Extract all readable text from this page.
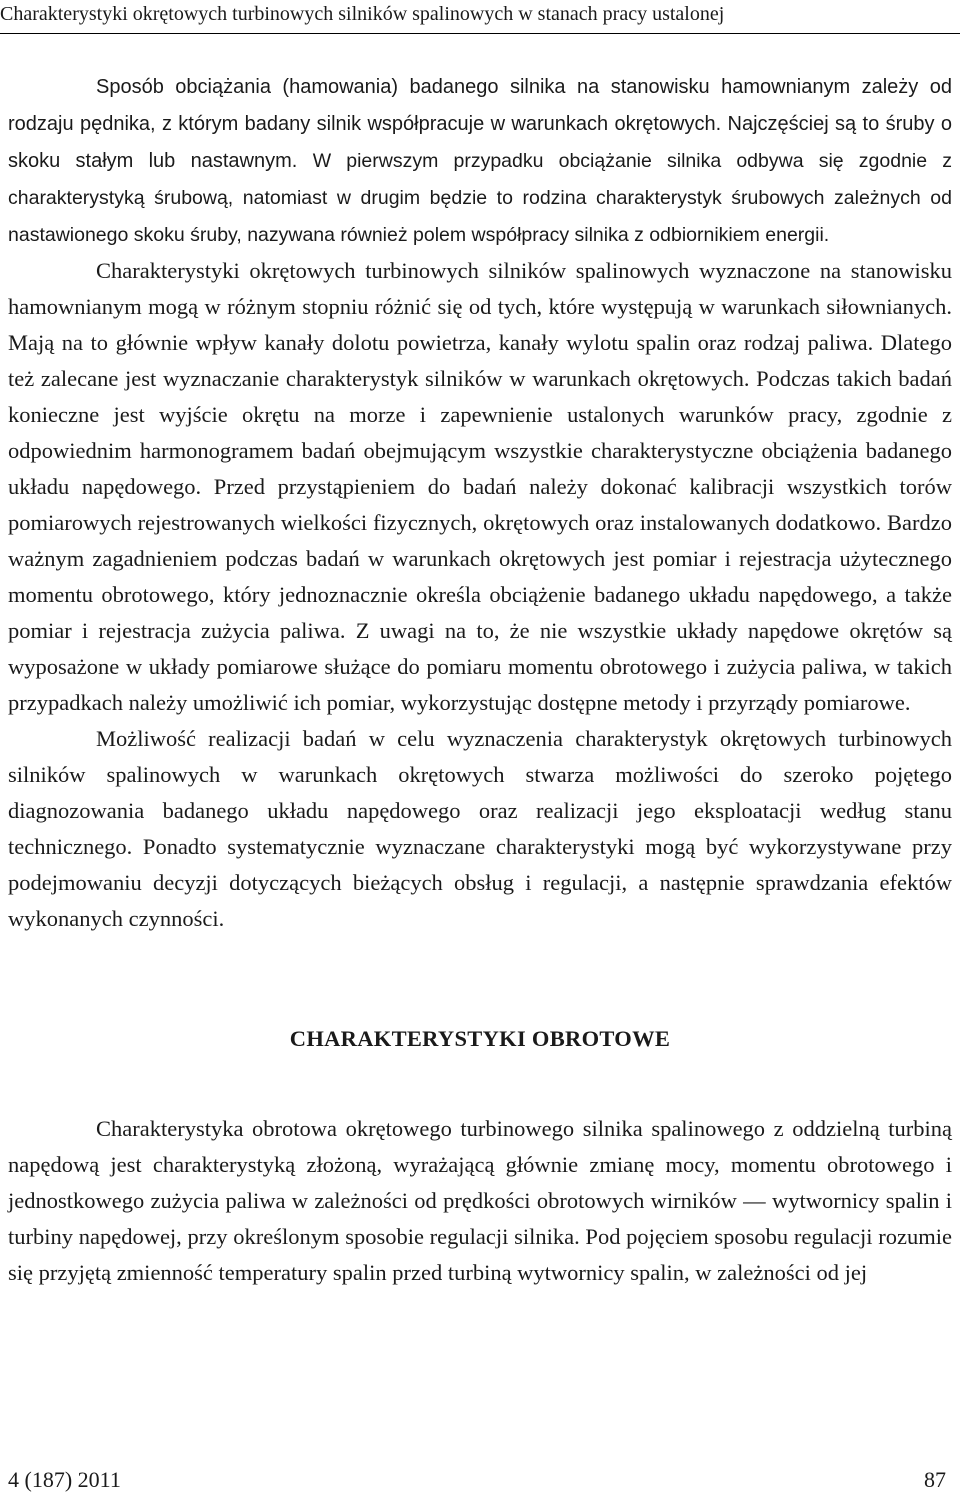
Charakterystyki okrętowych turbinowych silników spalinowych w stanach pracy ustalonej

Sposób obciążania (hamowania) badanego silnika na stanowisku hamownianym zależy od rodzaju pędnika, z którym badany silnik współpracuje w warunkach okrętowych. Najczęściej są to śruby o skoku stałym lub nastawnym. W pierwszym przypadku obciążanie silnika odbywa się zgodnie z charakterystyką śrubową, natomiast w drugim będzie to rodzina charakterystyk śrubowych zależnych od nastawionego skoku śruby, nazywana również polem współpracy silnika z odbiornikiem energii.

Charakterystyki okrętowych turbinowych silników spalinowych wyznaczone na stanowisku hamownianym mogą w różnym stopniu różnić się od tych, które występują w warunkach siłownianych. Mają na to głównie wpływ kanały dolotu powietrza, kanały wylotu spalin oraz rodzaj paliwa. Dlatego też zalecane jest wyznaczanie charakterystyk silników w warunkach okrętowych. Podczas takich badań konieczne jest wyjście okrętu na morze i zapewnienie ustalonych warunków pracy, zgodnie z odpowiednim harmonogramem badań obejmującym wszystkie charakterystyczne obciążenia badanego układu napędowego. Przed przystąpieniem do badań należy dokonać kalibracji wszystkich torów pomiarowych rejestrowanych wielkości fizycznych, okrętowych oraz instalowanych dodatkowo. Bardzo ważnym zagadnieniem podczas badań w warunkach okrętowych jest pomiar i rejestracja użytecznego momentu obrotowego, który jednoznacznie określa obciążenie badanego układu napędowego, a także pomiar i rejestracja zużycia paliwa. Z uwagi na to, że nie wszystkie układy napędowe okrętów są wyposażone w układy pomiarowe służące do pomiaru momentu obrotowego i zużycia paliwa, w takich przypadkach należy umożliwić ich pomiar, wykorzystując dostępne metody i przyrządy pomiarowe.

Możliwość realizacji badań w celu wyznaczenia charakterystyk okrętowych turbinowych silników spalinowych w warunkach okrętowych stwarza możliwości do szeroko pojętego diagnozowania badanego układu napędowego oraz realizacji jego eksploatacji według stanu technicznego. Ponadto systematycznie wyznaczane charakterystyki mogą być wykorzystywane przy podejmowaniu decyzji dotyczących bieżących obsług i regulacji, a następnie sprawdzania efektów wykonanych czynności.

CHARAKTERYSTYKI OBROTOWE

Charakterystyka obrotowa okrętowego turbinowego silnika spalinowego z oddzielną turbiną napędową jest charakterystyką złożoną, wyrażającą głównie zmianę mocy, momentu obrotowego i jednostkowego zużycia paliwa w zależności od prędkości obrotowych wirników — wytwornicy spalin i turbiny napędowej, przy określonym sposobie regulacji silnika. Pod pojęciem sposobu regulacji rozumie się przyjętą zmienność temperatury spalin przed turbiną wytwornicy spalin, w zależności od jej

4 (187) 2011	87
